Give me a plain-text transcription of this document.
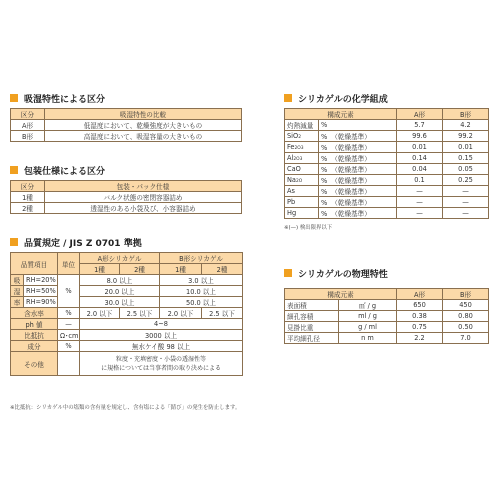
吸湿特性による区分
区分	吸湿特性の比較
A形	低湿度において、乾燥強度が大きいもの
B形	高湿度において、吸湿容量の大きいもの
包装仕様による区分
区分	包装・パック仕様
1種	バルク状態の密閉容器詰め
2種	透湿性のある小袋及び、小容器詰め
品質規定 / JIS Z 0701 準拠
品質項目		単位	A形シリカゲル		B形シリカゲル	
			1種	2種	1種	2種
吸	RH=20%	%	8.0 以上		3.0 以上	
湿	RH=50%		20.0 以上		10.0 以上	
率	RH=90%		30.0 以上		50.0 以上	
含水率		%	2.0 以下	2.5 以下	2.0 以下	2.5 以下
ph 値		—	4~8			
比抵抗		Ω･cm	3000 以上			
成分		%	無水ケイ酸 98 以上			
その他			粒度・充填密度・小袋の透湿性等
に規格については当事者間の取り決めによる			
※比抵抗：シリカゲル中の塩類の含有量を規定し、含有塩による「錆び」の発生を防止します。
シリカゲルの化学組成
構成元素		A形	B形
灼熱減量	%	5.7	4.2
SiO2	% （乾燥基準）	99.6	99.2
Fe2O3	% （乾燥基準）	0.01	0.01
Al2O3	% （乾燥基準）	0.14	0.15
CaO	% （乾燥基準）	0.04	0.05
Na2O	% （乾燥基準）	0.1	0.25
As	% （乾燥基準）	—	—
Pb	% （乾燥基準）	—	—
Hg	% （乾燥基準）	—	—
※(—) 検出限界以下
シリカゲルの物理特性
構成元素		A形	B形
表面積	㎡ / g	650	450
細孔容積	ml / g	0.38	0.80
見掛比重	g / ml	0.75	0.50
平均細孔径	n m	2.2	7.0
